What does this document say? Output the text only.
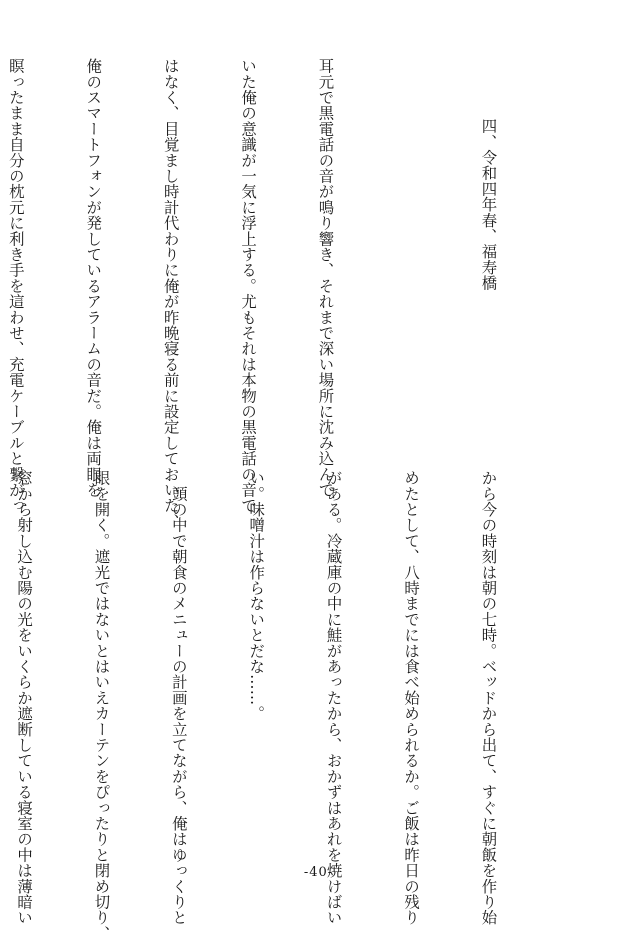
四、令和四年春、福寿橋

耳元で黒電話の音が鳴り響き、それまで深い場所に沈み込んで

いた俺の意識が一気に浮上する。尤もそれは本物の黒電話の音で

はなく、目覚まし時計代わりに俺が昨晩寝る前に設定しておいた、

俺のスマートフォンが発しているアラームの音だ。俺は両眼を

瞑ったまま自分の枕元に利き手を這わせ、充電ケーブルと繋がっ

から今の時刻は朝の七時。ベッドから出て、すぐに朝飯を作り始

めたとして、八時までには食べ始められるか。ご飯は昨日の残り

がある。冷蔵庫の中に鮭があったから、おかずはあれを焼けばい

い。味噌汁は作らないとだな……。

　頭の中で朝食のメニューの計画を立てながら、俺はゆっくりと

眼を開く。遮光ではないとはいえカーテンをぴったりと閉め切り、

窓から射し込む陽の光をいくらか遮断している寝室の中は薄暗い

	-40-
